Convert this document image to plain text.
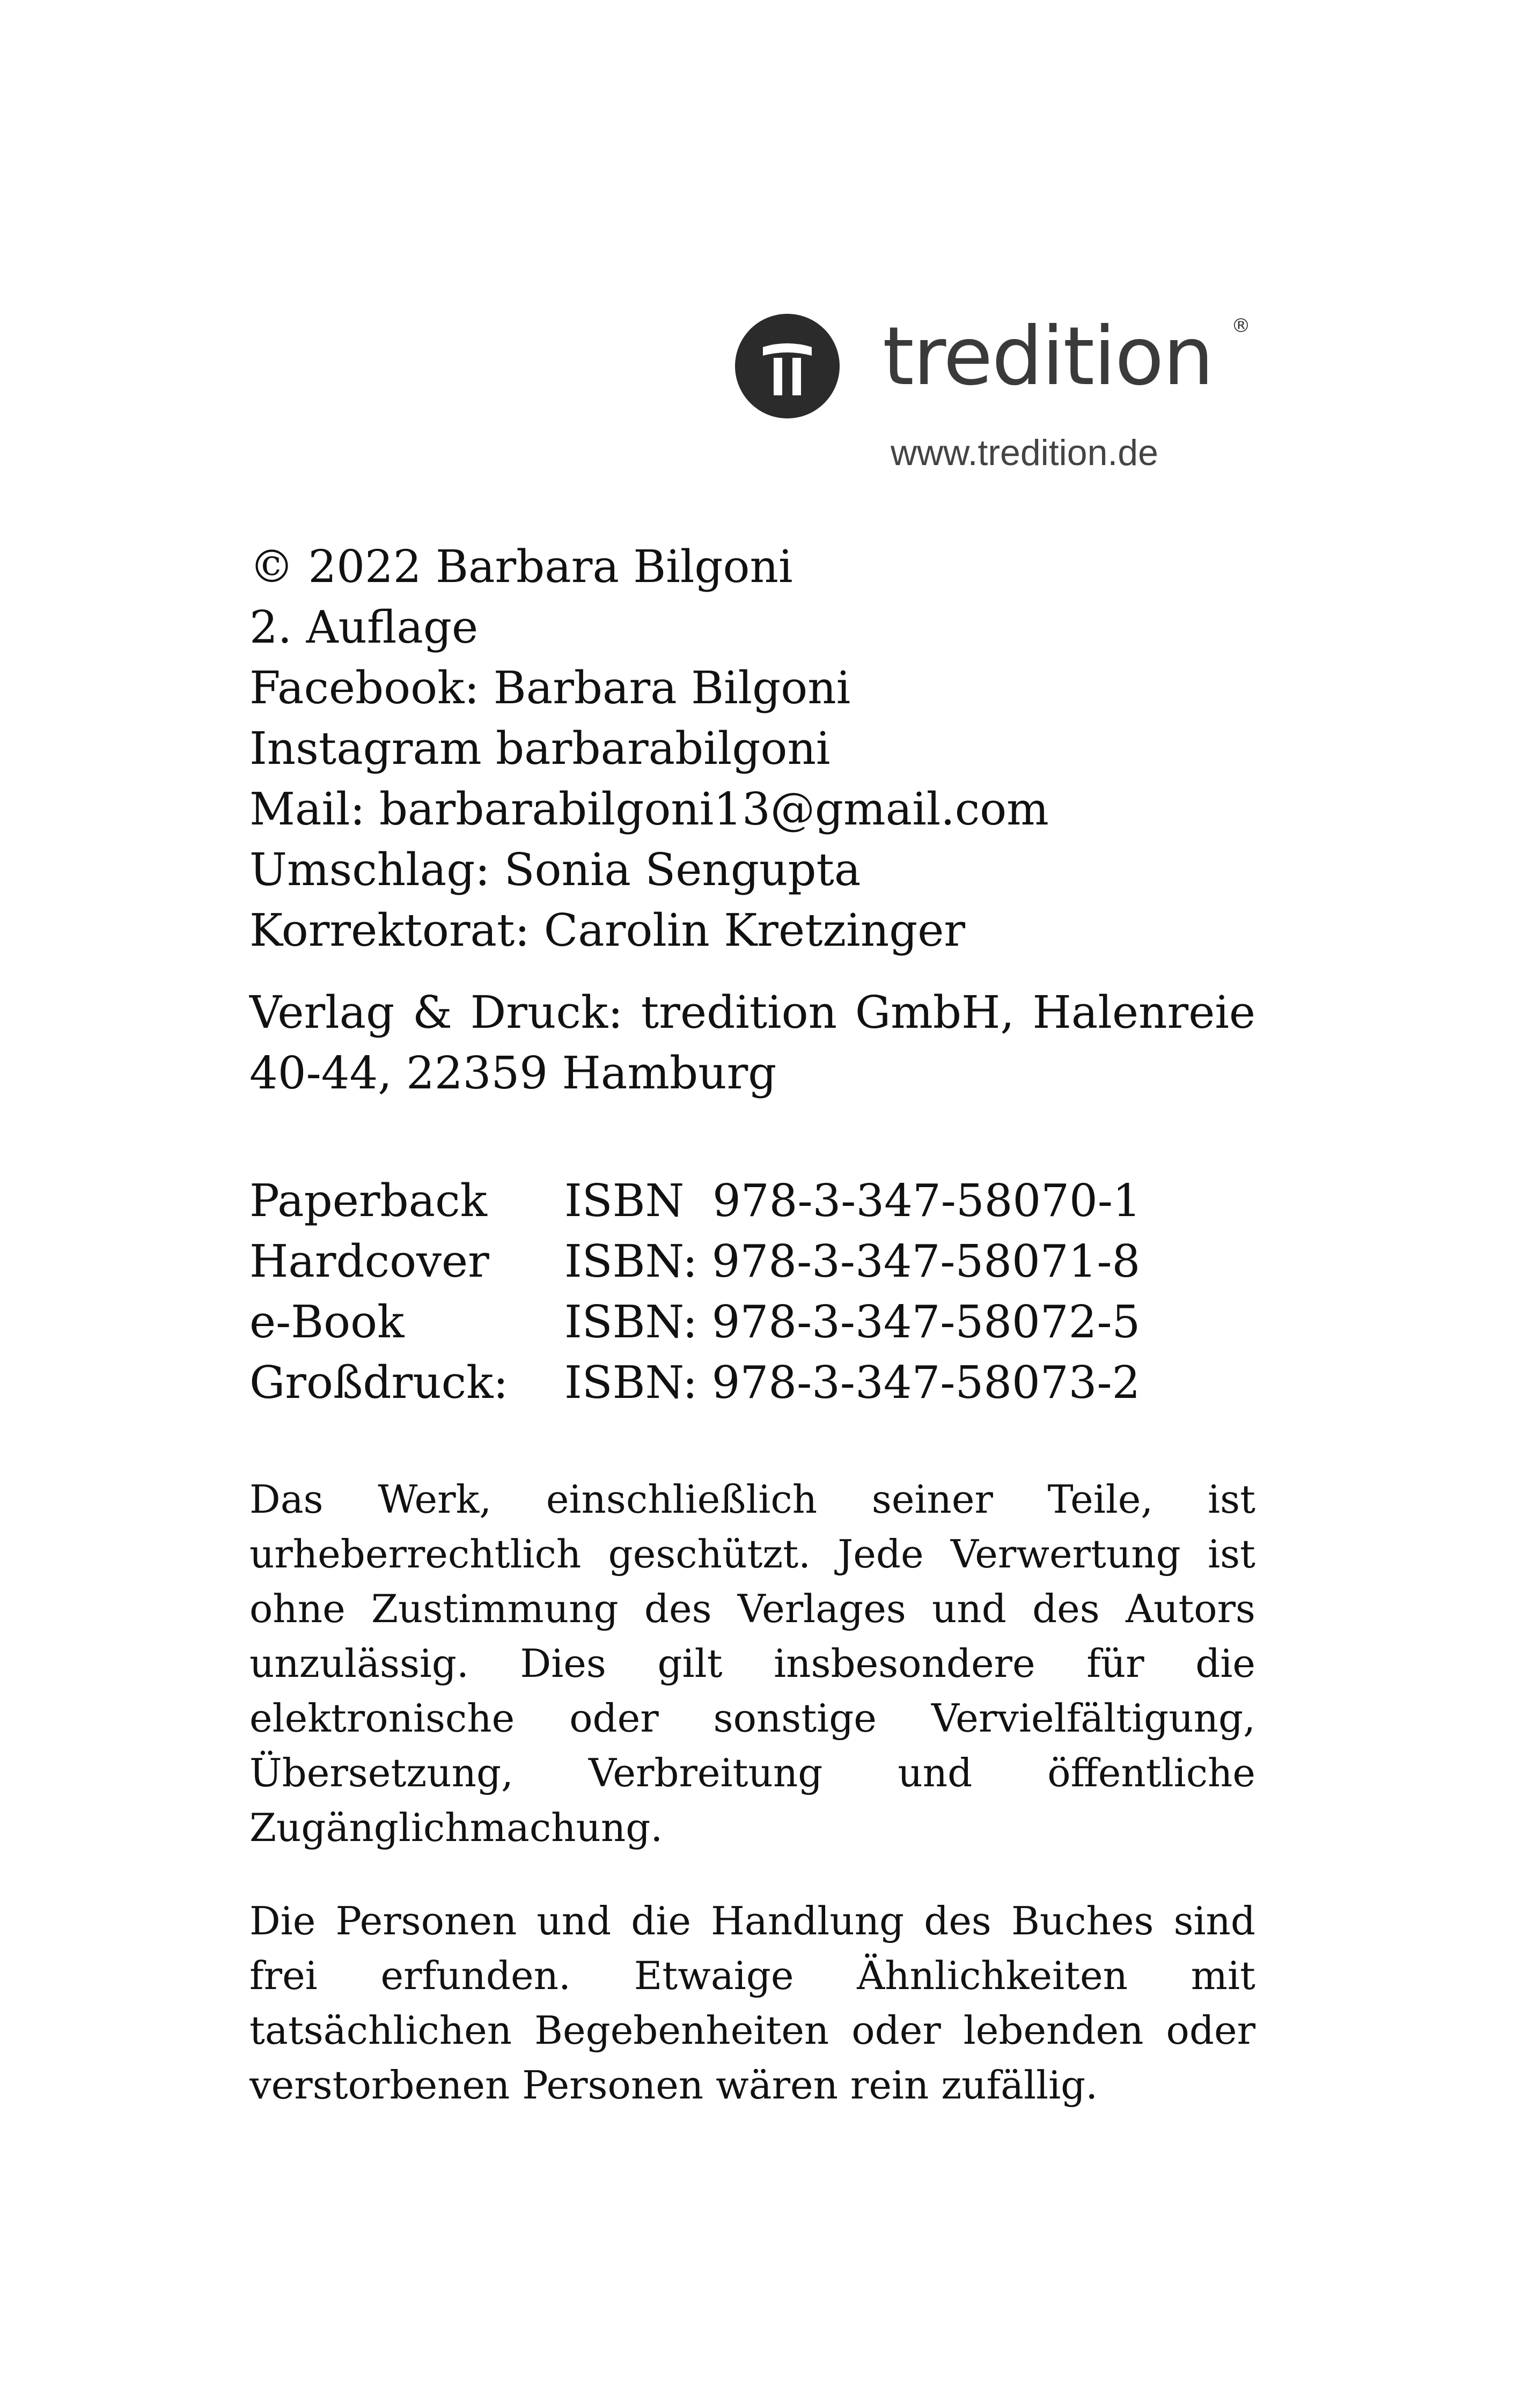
tredition ®
www.tredition.de
© 2022 Barbara Bilgoni
2. Auflage
Facebook: Barbara Bilgoni
Instagram barbarabilgoni
Mail: barbarabilgoni13@gmail.com
Umschlag: Sonia Sengupta
Korrektorat: Carolin Kretzinger
Verlag & Druck: tredition GmbH, Halenreie 40-44, 22359 Hamburg
Paperback	ISBN  978-3-347-58070-1
Hardcover	ISBN: 978-3-347-58071-8
e-Book	ISBN: 978-3-347-58072-5
Großdruck:	ISBN: 978-3-347-58073-2

Das Werk, einschließlich seiner Teile, ist urheberrechtlich geschützt. Jede Verwertung ist ohne Zustimmung des Verlages und des Autors unzulässig. Dies gilt insbesondere für die elektronische oder sonstige Vervielfältigung, Übersetzung, Verbreitung und öffentliche Zugänglichmachung.

Die Personen und die Handlung des Buches sind frei erfunden. Etwaige Ähnlichkeiten mit tatsächlichen Begebenheiten oder lebenden oder verstorbenen Personen wären rein zufällig.
